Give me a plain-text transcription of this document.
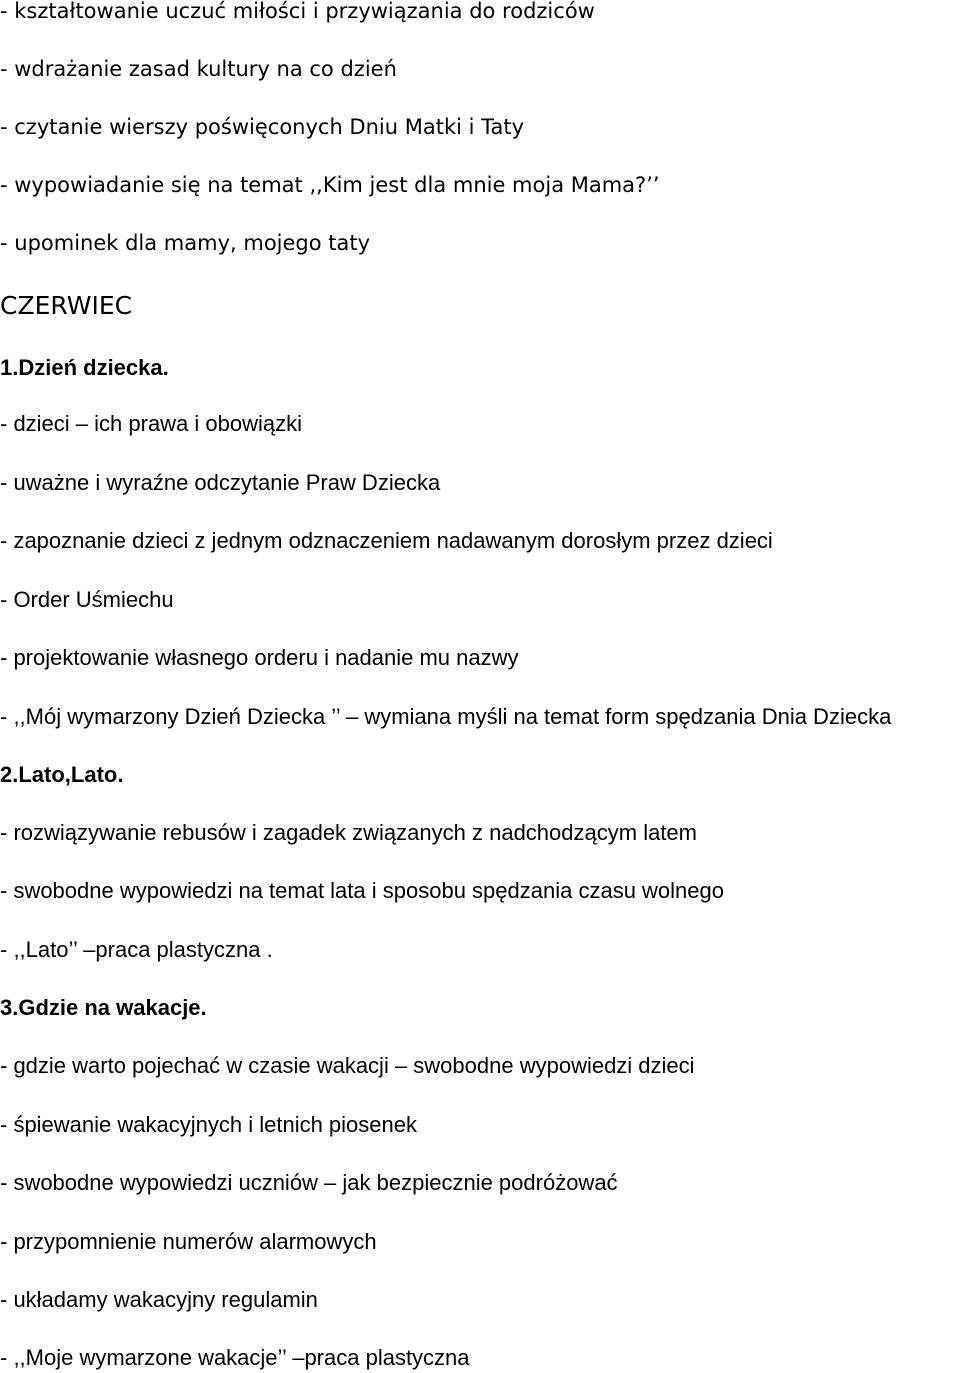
- kształtowanie uczuć miłości i przywiązania do rodziców
- wdrażanie zasad kultury na co dzień
- czytanie wierszy poświęconych Dniu Matki i Taty
- wypowiadanie się na temat ,,Kim jest dla mnie moja Mama?’’
- upominek dla mamy, mojego taty
CZERWIEC
1.Dzień dziecka.
- dzieci – ich prawa i obowiązki
- uważne i wyraźne odczytanie Praw Dziecka
- zapoznanie dzieci z jednym odznaczeniem nadawanym dorosłym przez dzieci
- Order Uśmiechu
- projektowanie własnego orderu i nadanie mu nazwy
- ,,Mój wymarzony Dzień Dziecka ’’ – wymiana myśli na temat form spędzania Dnia Dziecka
2.Lato,Lato.
- rozwiązywanie rebusów i zagadek związanych z nadchodzącym latem
- swobodne wypowiedzi na temat lata i sposobu spędzania czasu wolnego
- ,,Lato’’ –praca plastyczna .
3.Gdzie na wakacje.
- gdzie warto pojechać w czasie wakacji – swobodne wypowiedzi dzieci
- śpiewanie wakacyjnych i letnich piosenek
- swobodne wypowiedzi uczniów – jak bezpiecznie podróżować
- przypomnienie numerów alarmowych
- układamy wakacyjny regulamin
- ,,Moje wymarzone wakacje’’ –praca plastyczna
